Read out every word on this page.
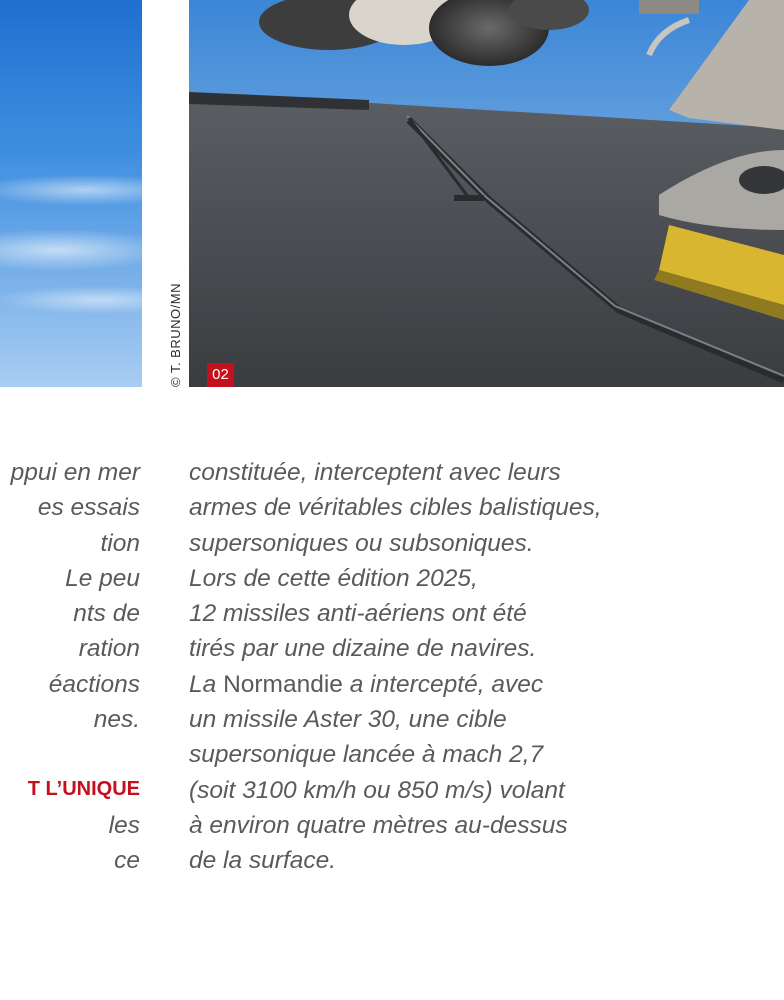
© T. BRUNO/MN	02
ppui en mer
es essais
tion
Le peu
nts de
ration
éactions
nes.
T L’UNIQUE
les
ce
constituée, interceptent avec leurs
armes de véritables cibles balistiques,
supersoniques ou subsoniques.
Lors de cette édition 2025,
12 missiles anti-aériens ont été
tirés par une dizaine de navires.
La Normandie a intercepté, avec
un missile Aster 30, une cible
supersonique lancée à mach 2,7
(soit 3100 km/h ou 850 m/s) volant
à environ quatre mètres au-dessus
de la surface.
